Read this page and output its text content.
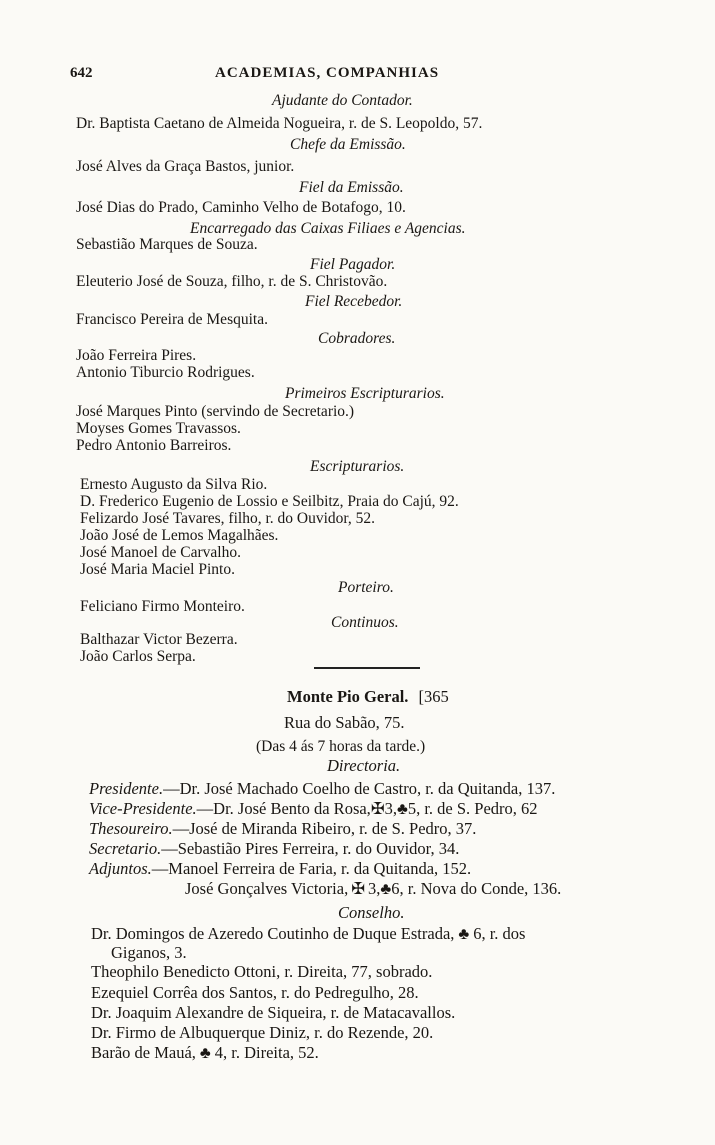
642	ACADEMIAS, COMPANHIAS
Ajudante do Contador.
Dr. Baptista Caetano de Almeida Nogueira, r. de S. Leopoldo, 57.
Chefe da Emissão.
José Alves da Graça Bastos, junior.
Fiel da Emissão.
José Dias do Prado, Caminho Velho de Botafogo, 10.
Encarregado das Caixas Filiaes e Agencias.
Sebastião Marques de Souza.
Fiel Pagador.
Eleuterio José de Souza, filho, r. de S. Christovão.
Fiel Recebedor.
Francisco Pereira de Mesquita.
Cobradores.
João Ferreira Pires.
Antonio Tiburcio Rodrigues.
Primeiros Escripturarios.
José Marques Pinto (servindo de Secretario.)
Moyses Gomes Travassos.
Pedro Antonio Barreiros.
Escripturarios.
Ernesto Augusto da Silva Rio.
D. Frederico Eugenio de Lossio e Seilbitz, Praia do Cajú, 92.
Felizardo José Tavares, filho, r. do Ouvidor, 52.
João José de Lemos Magalhães.
José Manoel de Carvalho.
José Maria Maciel Pinto.
Porteiro.
Feliciano Firmo Monteiro.
Continuos.
Balthazar Victor Bezerra.
João Carlos Serpa.
Monte Pio Geral. [365
Rua do Sabão, 75.
(Das 4 ás 7 horas da tarde.)
Directoria.
Presidente.—Dr. José Machado Coelho de Castro, r. da Quitanda, 137.
Vice-Presidente.—Dr. José Bento da Rosa,✠3,♣5, r. de S. Pedro, 62
Thesoureiro.—José de Miranda Ribeiro, r. de S. Pedro, 37.
Secretario.—Sebastião Pires Ferreira, r. do Ouvidor, 34.
Adjuntos.—Manoel Ferreira de Faria, r. da Quitanda, 152.
José Gonçalves Victoria, ✠ 3,♣6, r. Nova do Conde, 136.
Conselho.
Dr. Domingos de Azeredo Coutinho de Duque Estrada, ♣ 6, r. dos
Giganos, 3.
Theophilo Benedicto Ottoni, r. Direita, 77, sobrado.
Ezequiel Corrêa dos Santos, r. do Pedregulho, 28.
Dr. Joaquim Alexandre de Siqueira, r. de Matacavallos.
Dr. Firmo de Albuquerque Diniz, r. do Rezende, 20.
Barão de Mauá, ♣ 4, r. Direita, 52.
